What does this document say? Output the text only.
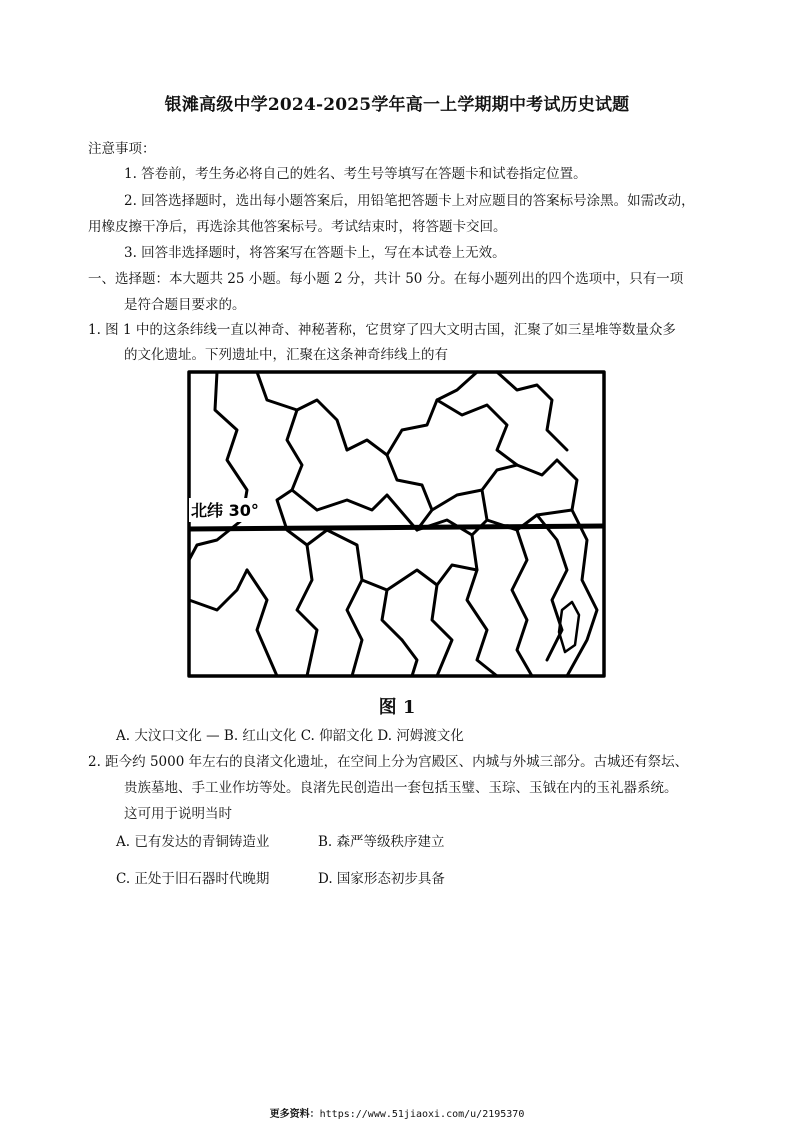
银滩高级中学2024-2025学年高一上学期期中考试历史试题
注意事项：
1. 答卷前，考生务必将自己的姓名、考生号等填写在答题卡和试卷指定位置。
2. 回答选择题时，选出每小题答案后，用铅笔把答题卡上对应题目的答案标号涂黑。如需改动，
用橡皮擦干净后，再选涂其他答案标号。考试结束时，将答题卡交回。
3. 回答非选择题时，将答案写在答题卡上，写在本试卷上无效。
一、选择题：本大题共 25 小题。每小题 2 分，共计 50 分。在每小题列出的四个选项中，只有一项
是符合题目要求的。
1. 图 1 中的这条纬线一直以神奇、神秘著称，它贯穿了四大文明古国，汇聚了如三星堆等数量众多
的文化遗址。下列遗址中，汇聚在这条神奇纬线上的有
北纬 30°
图 1
A. 大汶口文化 — B. 红山文化 C. 仰韶文化 D. 河姆渡文化
2. 距今约 5000 年左右的良渚文化遗址，在空间上分为宫殿区、内城与外城三部分。古城还有祭坛、
贵族墓地、手工业作坊等处。良渚先民创造出一套包括玉璧、玉琮、玉钺在内的玉礼器系统。
这可用于说明当时
A. 已有发达的青铜铸造业	B. 森严等级秩序建立
C. 正处于旧石器时代晚期	D. 国家形态初步具备
更多资料：https://www.51jiaoxi.com/u/2195370
